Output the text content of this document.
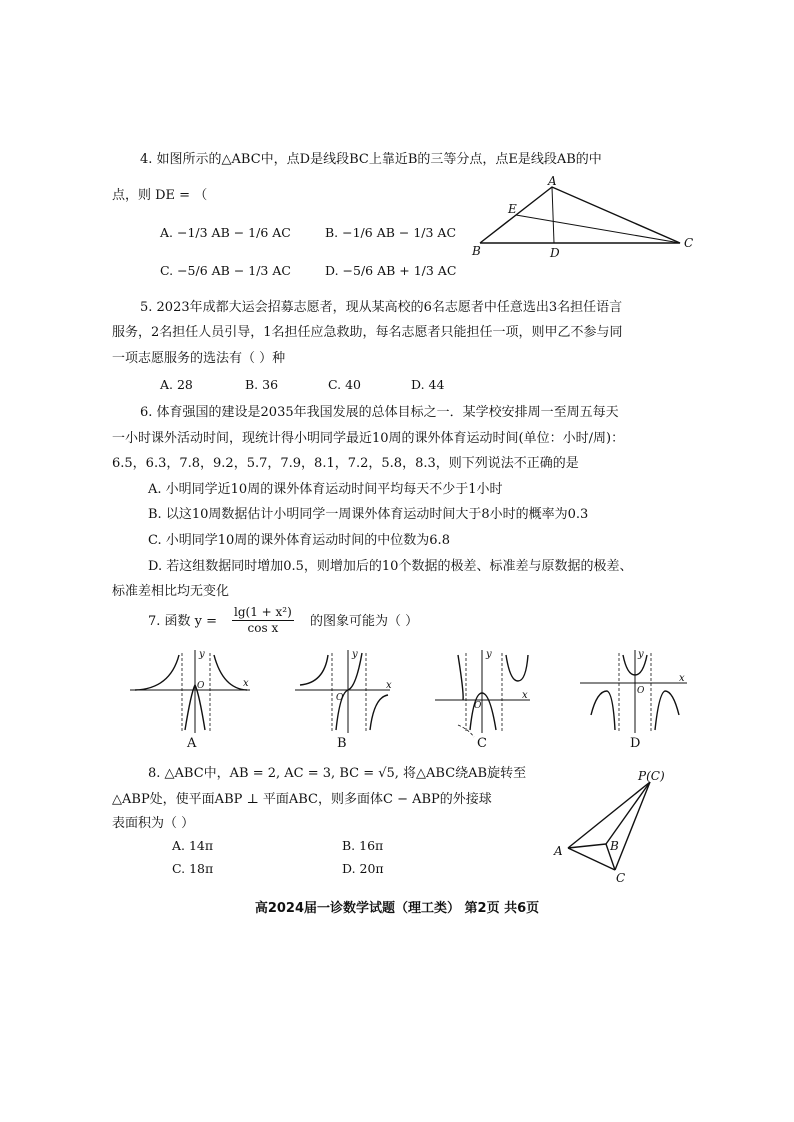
4. 如图所示的△ABC中，点D是线段BC上靠近B的三等分点，点E是线段AB的中
点，则 DE = （
A. −1/3 AB − 1/6 AC	B. −1/6 AB − 1/3 AC
C. −5/6 AB − 1/3 AC	D. −5/6 AB + 1/3 AC
A
E
B	D
C
5. 2023年成都大运会招募志愿者，现从某高校的6名志愿者中任意选出3名担任语言
服务，2名担任人员引导，1名担任应急救助，每名志愿者只能担任一项，则甲乙不参与同
一项志愿服务的选法有（ ）种
A. 28	B. 36	C. 40	D. 44
6. 体育强国的建设是2035年我国发展的总体目标之一．某学校安排周一至周五每天
一小时课外活动时间，现统计得小明同学最近10周的课外体育运动时间(单位：小时/周)：
6.5，6.3，7.8，9.2，5.7，7.9，8.1，7.2，5.8，8.3，则下列说法不正确的是
A. 小明同学近10周的课外体育运动时间平均每天不少于1小时
B. 以这10周数据估计小明同学一周课外体育运动时间大于8小时的概率为0.3
C. 小明同学10周的课外体育运动时间的中位数为6.8
D. 若这组数据同时增加0.5，则增加后的10个数据的极差、标准差与原数据的极差、
标准差相比均无变化
7. 函数 $y = \frac{\text{lg(1 + x²)}}{\text{cos x}}$ 的图象可能为（ ）
y
x
O
A
y
x
O
B
y
x
O
C
y
x
O
D
8. △ABC中，AB = 2, AC = 3, BC = √5, 将△ABC绕AB旋转至
△ABP处，使平面ABP ⊥ 平面ABC，则多面体C − ABP的外接球
表面积为（ ）
A. 14π	B. 16π
C. 18π	D. 20π
P(C)
A	B
C
高2024届一诊数学试题（理工类） 第2页 共6页
